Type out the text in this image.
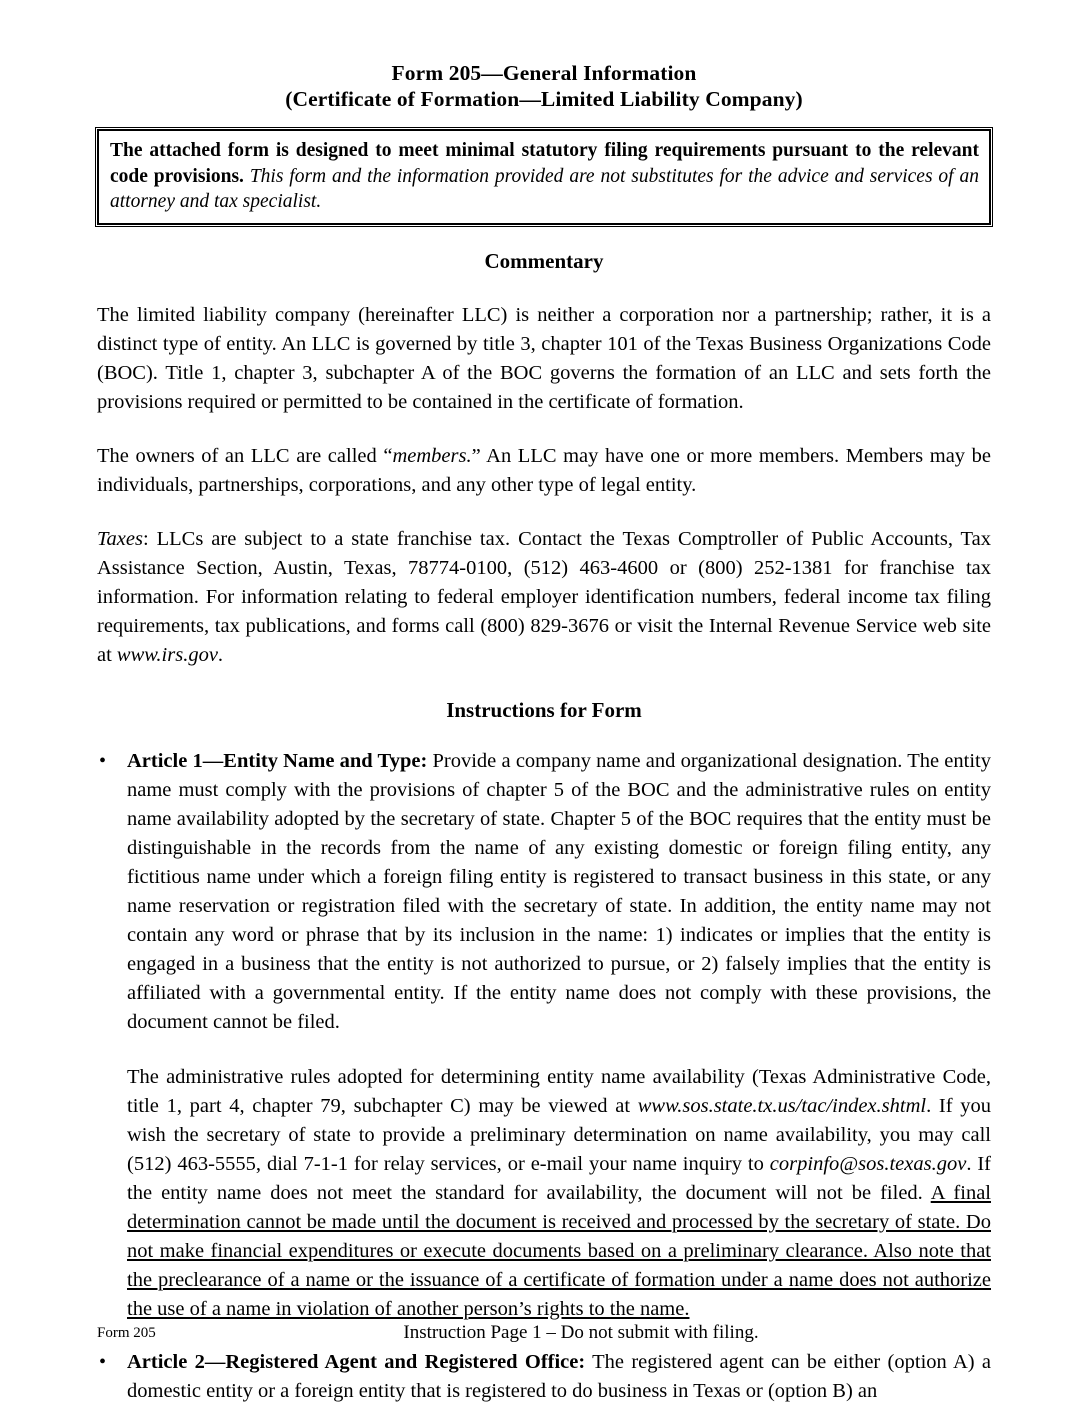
Form 205—General Information
(Certificate of Formation—Limited Liability Company)
The attached form is designed to meet minimal statutory filing requirements pursuant to the relevant code provisions. This form and the information provided are not substitutes for the advice and services of an attorney and tax specialist.
Commentary

The limited liability company (hereinafter LLC) is neither a corporation nor a partnership; rather, it is a distinct type of entity. An LLC is governed by title 3, chapter 101 of the Texas Business Organizations Code (BOC). Title 1, chapter 3, subchapter A of the BOC governs the formation of an LLC and sets forth the provisions required or permitted to be contained in the certificate of formation.

The owners of an LLC are called “members.” An LLC may have one or more members. Members may be individuals, partnerships, corporations, and any other type of legal entity.

Taxes: LLCs are subject to a state franchise tax. Contact the Texas Comptroller of Public Accounts, Tax Assistance Section, Austin, Texas, 78774-0100, (512) 463-4600 or (800) 252-1381 for franchise tax information. For information relating to federal employer identification numbers, federal income tax filing requirements, tax publications, and forms call (800) 829-3676 or visit the Internal Revenue Service web site at www.irs.gov.

Instructions for Form
• Article 1—Entity Name and Type: Provide a company name and organizational designation. The entity name must comply with the provisions of chapter 5 of the BOC and the administrative rules on entity name availability adopted by the secretary of state. Chapter 5 of the BOC requires that the entity must be distinguishable in the records from the name of any existing domestic or foreign filing entity, any fictitious name under which a foreign filing entity is registered to transact business in this state, or any name reservation or registration filed with the secretary of state. In addition, the entity name may not contain any word or phrase that by its inclusion in the name: 1) indicates or implies that the entity is engaged in a business that the entity is not authorized to pursue, or 2) falsely implies that the entity is affiliated with a governmental entity. If the entity name does not comply with these provisions, the document cannot be filed.

The administrative rules adopted for determining entity name availability (Texas Administrative Code, title 1, part 4, chapter 79, subchapter C) may be viewed at www.sos.state.tx.us/tac/index.shtml. If you wish the secretary of state to provide a preliminary determination on name availability, you may call (512) 463-5555, dial 7-1-1 for relay services, or e-mail your name inquiry to corpinfo@sos.texas.gov. If the entity name does not meet the standard for availability, the document will not be filed. A final determination cannot be made until the document is received and processed by the secretary of state. Do not make financial expenditures or execute documents based on a preliminary clearance. Also note that the preclearance of a name or the issuance of a certificate of formation under a name does not authorize the use of a name in violation of another person’s rights to the name.

• Article 2—Registered Agent and Registered Office: The registered agent can be either (option A) a domestic entity or a foreign entity that is registered to do business in Texas or (option B) an

Form 205	Instruction Page 1 – Do not submit with filing.
